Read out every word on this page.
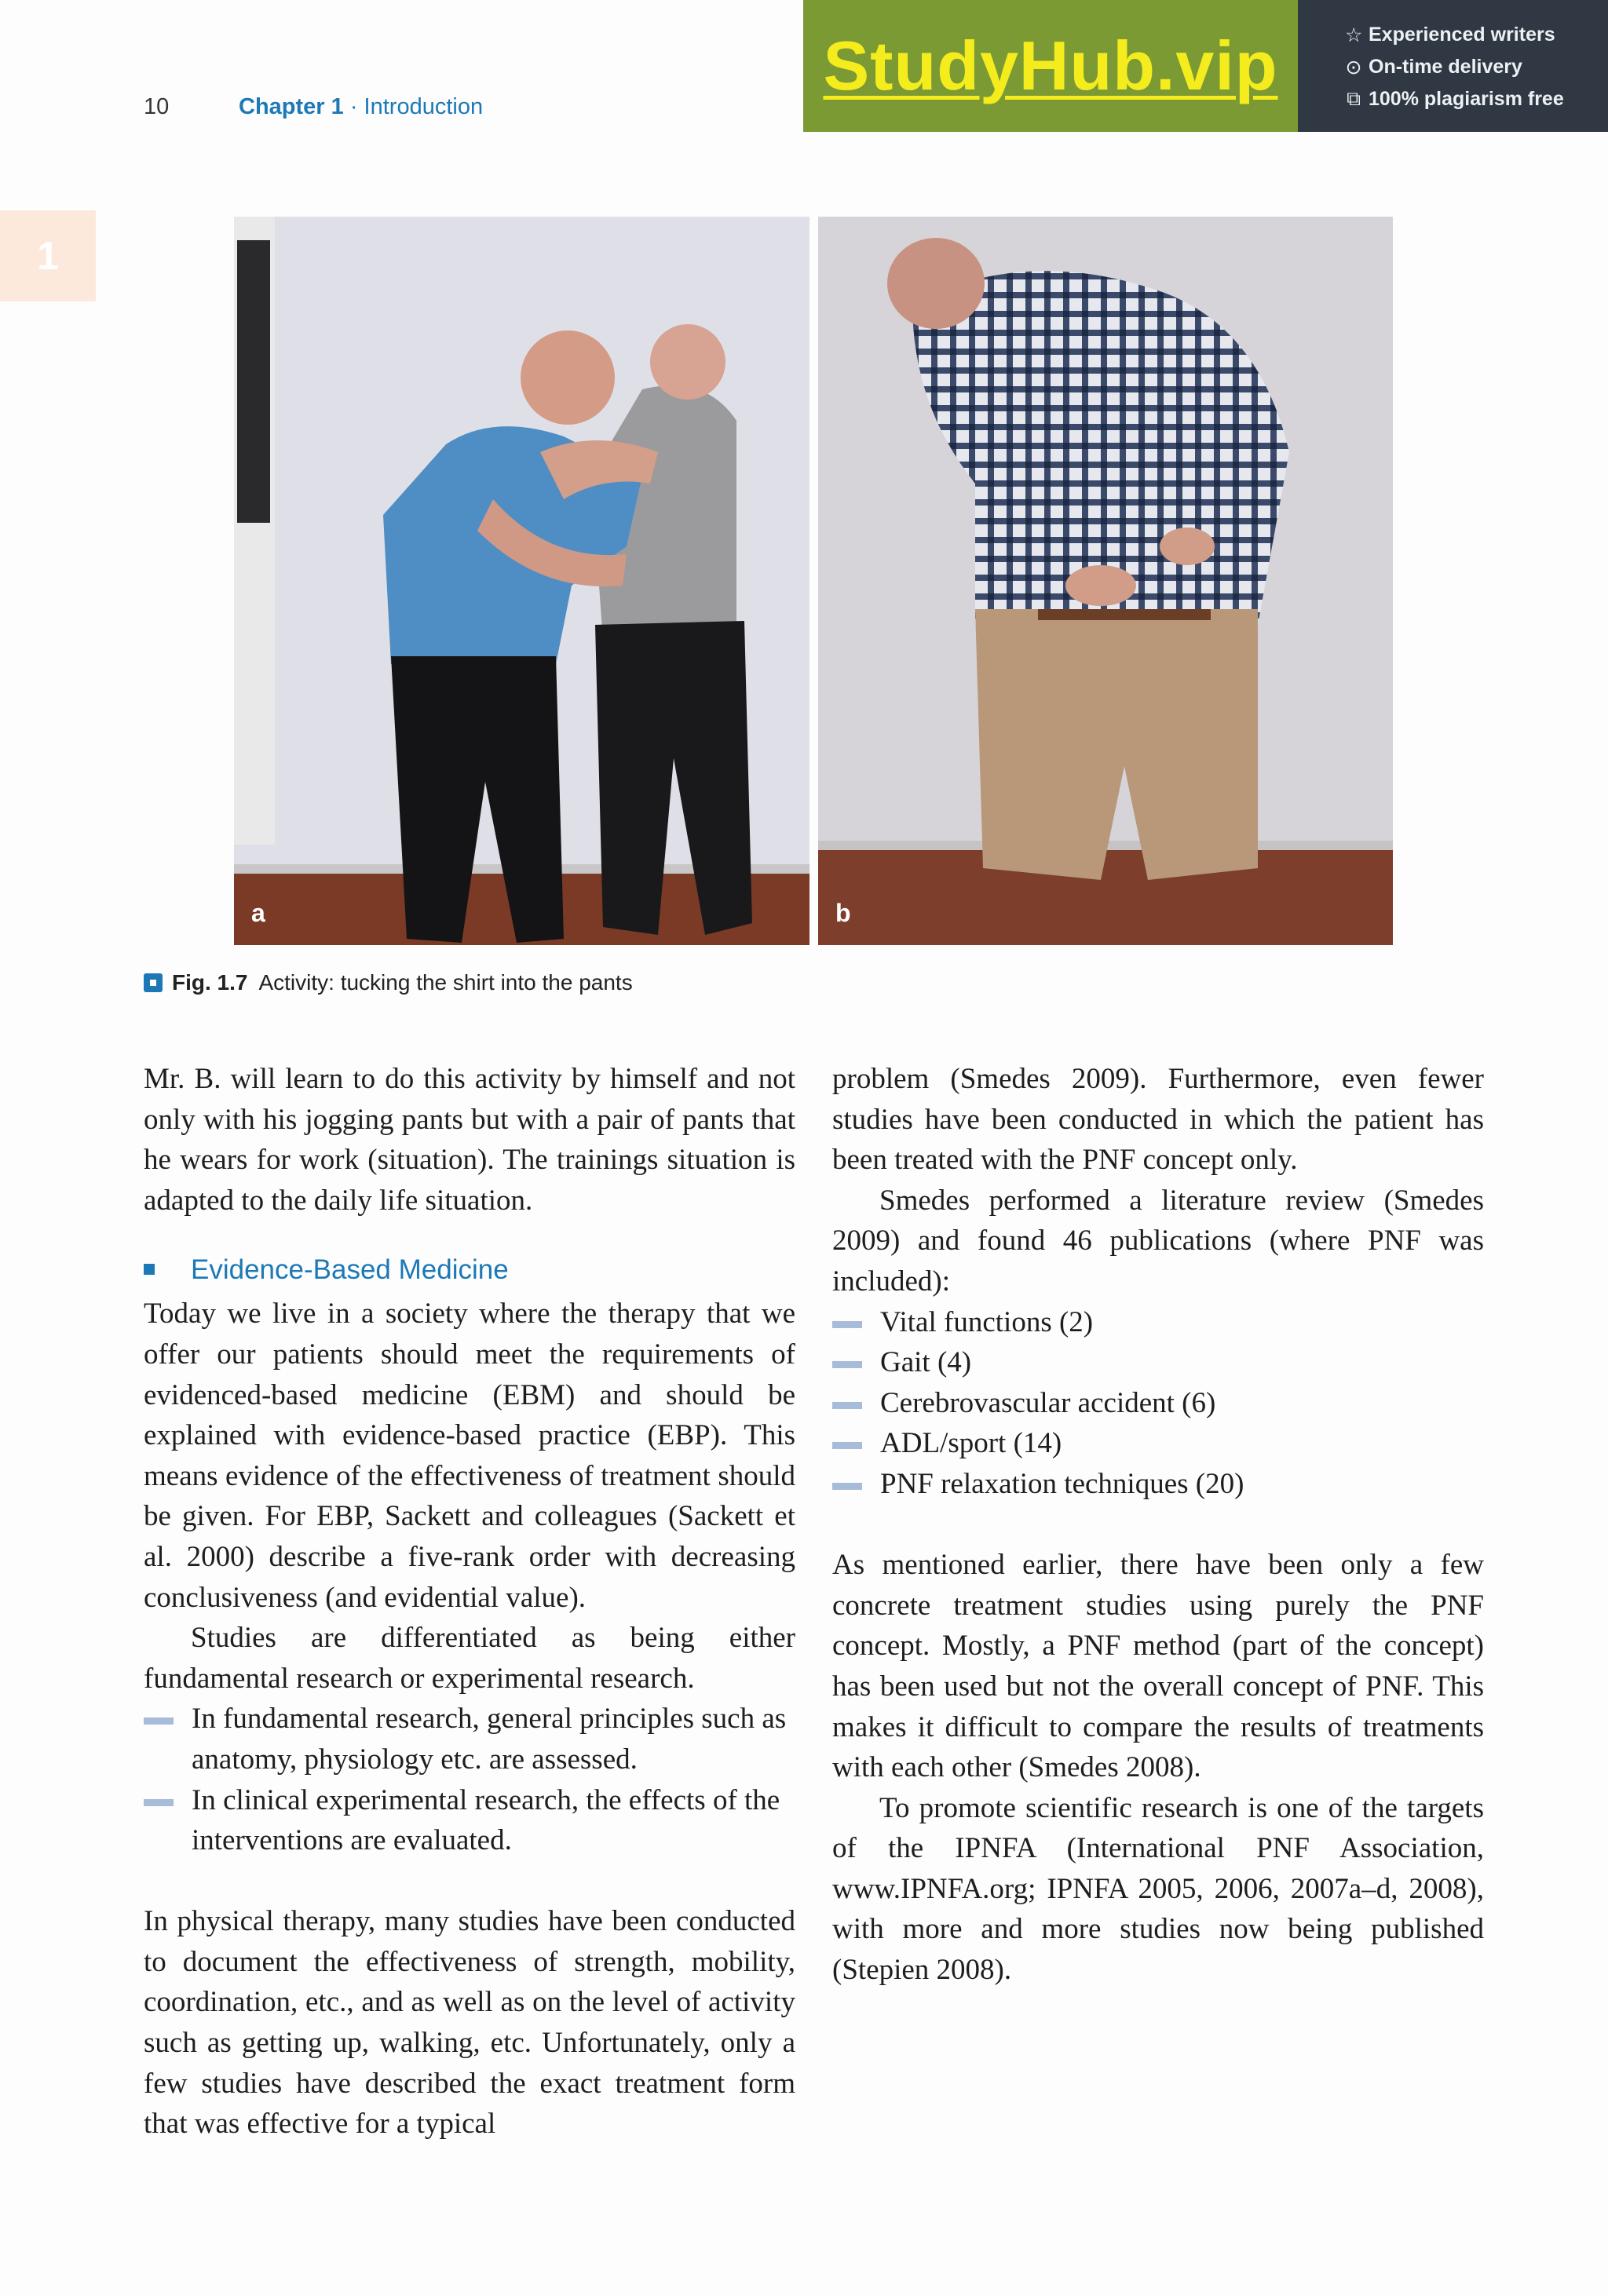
10	Chapter 1 · Introduction
StudyHub.vip	☆ Experienced writers
⊙ On-time delivery
⧉ 100% plagiarism free
1
a	b
Fig. 1.7 Activity: tucking the shirt into the pants

Mr. B. will learn to do this activity by himself and not only with his jogging pants but with a pair of pants that he wears for work (situation). The trainings situation is adapted to the daily life situation.

Evidence-Based Medicine

Today we live in a society where the therapy that we offer our patients should meet the requirements of evidenced-based medicine (EBM) and should be explained with evidence-based practice (EBP). This means evidence of the effectiveness of treatment should be given. For EBP, Sackett and colleagues (Sackett et al. 2000) describe a five-rank order with decreasing conclusiveness (and evidential value).

Studies are differentiated as being either fundamental research or experimental research.

In fundamental research, general principles such as anatomy, physiology etc. are assessed.
In clinical experimental research, the effects of the interventions are evaluated.

In physical therapy, many studies have been conducted to document the effectiveness of strength, mobility, coordination, etc., and as well as on the level of activity such as getting up, walking, etc. Unfortunately, only a few studies have described the exact treatment form that was effective for a typical

problem (Smedes 2009). Furthermore, even fewer studies have been conducted in which the patient has been treated with the PNF concept only.

Smedes performed a literature review (Smedes 2009) and found 46 publications (where PNF was included):

Vital functions (2)
Gait (4)
Cerebrovascular accident (6)
ADL/sport (14)
PNF relaxation techniques (20)

As mentioned earlier, there have been only a few concrete treatment studies using purely the PNF concept. Mostly, a PNF method (part of the concept) has been used but not the overall concept of PNF. This makes it difficult to compare the results of treatments with each other (Smedes 2008).

To promote scientific research is one of the targets of the IPNFA (International PNF Association, www.IPNFA.org; IPNFA 2005, 2006, 2007a–d, 2008), with more and more studies now being published (Stepien 2008).
